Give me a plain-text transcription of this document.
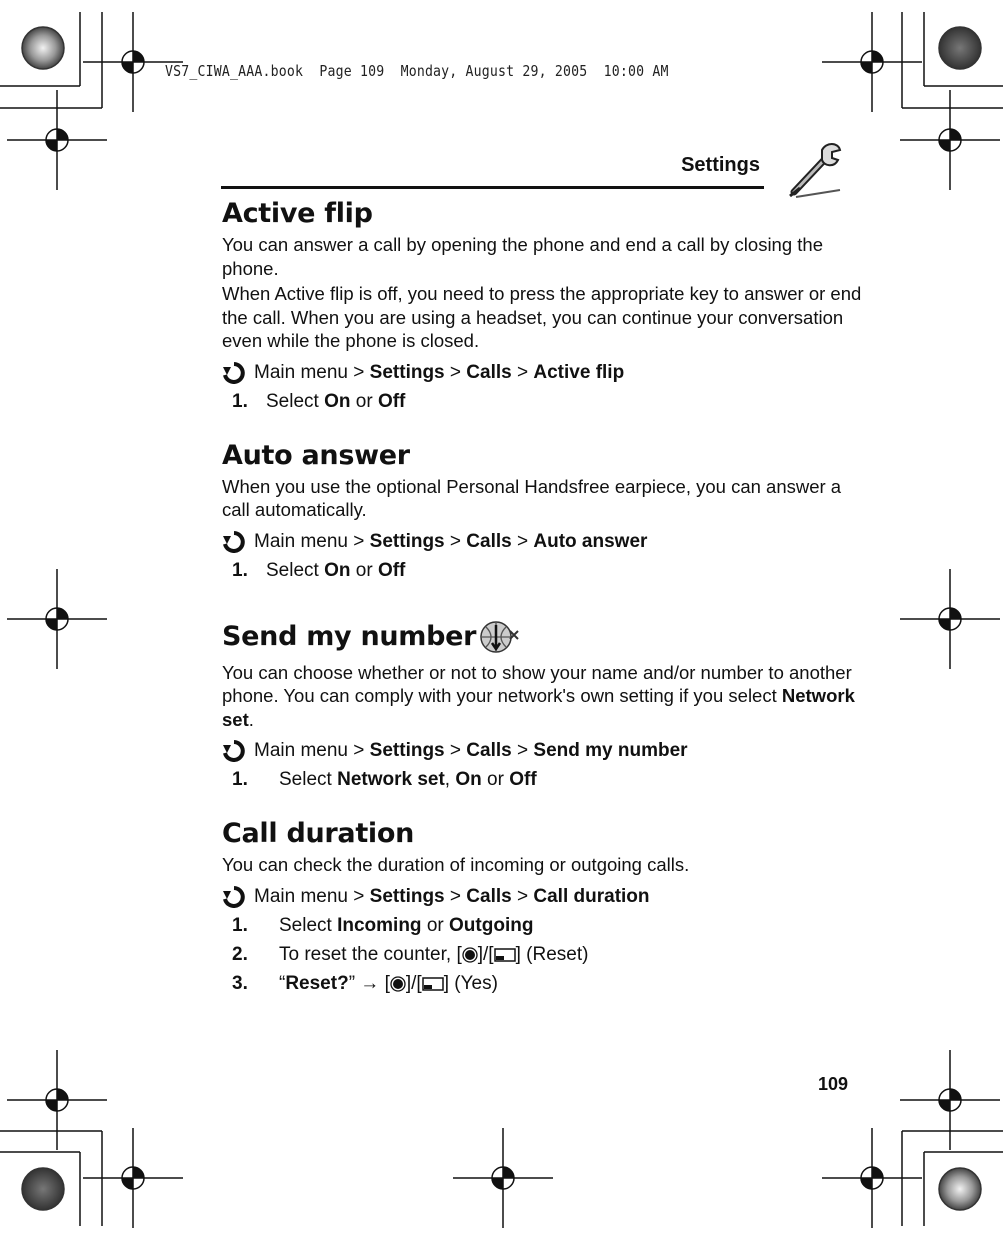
VS7_CIWA_AAA.book  Page 109  Monday, August 29, 2005  10:00 AM
Settings
Active flip

You can answer a call by opening the phone and end a call by closing the phone.

When Active flip is off, you need to press the appropriate key to answer or end the call. When you are using a headset, you can continue your conversation even while the phone is closed.

Main menu
>
Settings
>
Calls
>
Active flip
1. Select On or Off
Auto answer

When you use the optional Personal Handsfree earpiece, you can answer a call automatically.

Main menu
>
Settings
>
Calls
>
Auto answer
1. Select On or Off
Send my number

You can choose whether or not to show your name and/or number to another phone. You can comply with your network's own setting if you select Network set.

Main menu
>
Settings
>
Calls
>
Send my number
1.	Select Network set, On or Off
Call duration

You can check the duration of incoming or outgoing calls.

Main menu
>
Settings
>
Calls
>
Call duration
1.	Select Incoming or Outgoing
2.	To reset the counter, [ ]/[ ] (Reset)
3.	“Reset?” → [ ]/[ ] (Yes)
109
